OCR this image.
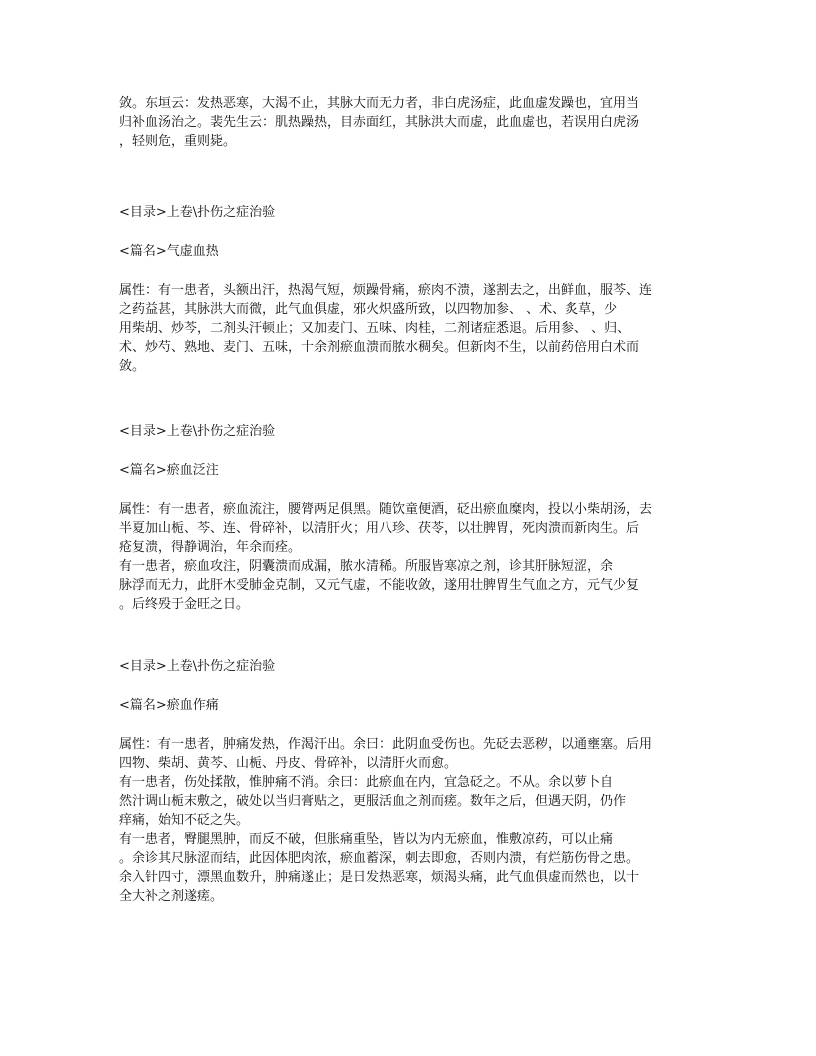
敛。东垣云：发热恶寒，大渴不止，其脉大而无力者，非白虎汤症，此血虚发躁也，宜用当
归补血汤治之。裴先生云：肌热躁热，目赤面红，其脉洪大而虚，此血虚也，若误用白虎汤
，轻则危，重则毙。
<目录>上卷\扑伤之症治验
<篇名>气虚血热
属性：有一患者，头额出汗，热渴气短，烦躁骨痛，瘀肉不溃，遂割去之，出鲜血，服芩、连
之药益甚，其脉洪大而微，此气血俱虚，邪火炽盛所致，以四物加参、 、术、炙草，少
用柴胡、炒芩，二剂头汗顿止；又加麦门、五味、肉桂，二剂诸症悉退。后用参、 、归、
术、炒芍、熟地、麦门、五味，十余剂瘀血溃而脓水稠矣。但新肉不生，以前药倍用白术而
敛。
<目录>上卷\扑伤之症治验
<篇名>瘀血泛注
属性：有一患者，瘀血流注，腰膂两足俱黑。随饮童便酒，砭出瘀血糜肉，投以小柴胡汤，去
半夏加山栀、芩、连、骨碎补，以清肝火；用八珍、茯苓，以壮脾胃，死肉溃而新肉生。后
疮复溃，得静调治，年余而痊。
有一患者，瘀血攻注，阴囊溃而成漏，脓水清稀。所服皆寒凉之剂，诊其肝脉短涩，余
脉浮而无力，此肝木受肺金克制，又元气虚，不能收敛，遂用壮脾胃生气血之方，元气少复
。后终殁于金旺之日。
<目录>上卷\扑伤之症治验
<篇名>瘀血作痛
属性：有一患者，肿痛发热，作渴汗出。余曰：此阴血受伤也。先砭去恶秽，以通壅塞。后用
四物、柴胡、黄芩、山栀、丹皮、骨碎补，以清肝火而愈。
有一患者，伤处揉散，惟肿痛不消。余曰：此瘀血在内，宜急砭之。不从。余以萝卜自
然汁调山栀末敷之，破处以当归膏贴之，更服活血之剂而瘥。数年之后，但遇天阴，仍作
痒痛，始知不砭之失。
有一患者，臀腿黑肿，而反不破，但胀痛重坠，皆以为内无瘀血，惟敷凉药，可以止痛
。余诊其尺脉涩而结，此因体肥肉浓，瘀血蓄深，刺去即愈，否则内溃，有烂筋伤骨之患。
余入针四寸，漂黑血数升，肿痛遂止；是日发热恶寒，烦渴头痛，此气血俱虚而然也，以十
全大补之剂遂瘥。
